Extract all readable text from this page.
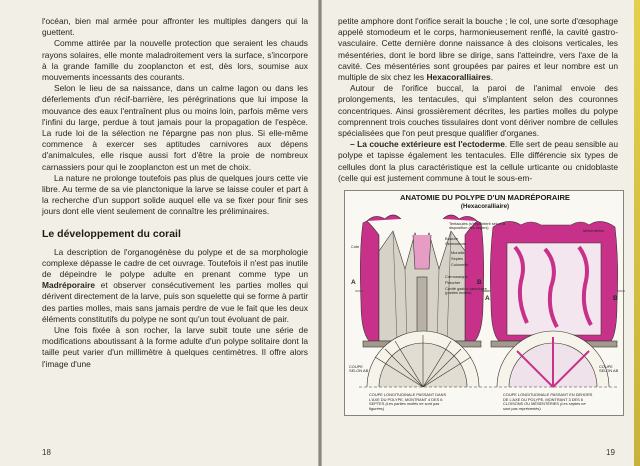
l'océan, bien mal armée pour affronter les multiples dangers qui la guettent.

Comme attirée par la nouvelle protection que seraient les chauds rayons solaires, elle monte maladroitement vers la surface, s'incorpore à la grande famille du zooplancton et est, dès lors, soumise aux mouvements incessants des courants.

Selon le lieu de sa naissance, dans un calme lagon ou dans les déferlements d'un récif-barrière, les pérégrinations que lui impose la mouvance des eaux l'entraînent plus ou moins loin, parfois même vers l'infini du large, perdue à tout jamais pour la propagation de l'espèce. La rude loi de la sélection ne l'épargne pas non plus. Si elle-même commence à exercer ses aptitudes carnivores aux dépens d'animalcules, elle risque aussi fort d'être la proie de nombreux carnassiers pour qui le zooplancton est un met de choix.

La nature ne prolonge toutefois pas plus de quelques jours cette vie libre. Au terme de sa vie planctonique la larve se laisse couler et part à la recherche d'un support solide auquel elle va se fixer pour finir ses jours dont elle vient seulement de connaître les préliminaires.

Le développement du corail

La description de l'organogénèse du polype et de sa morphologie complexe dépasse le cadre de cet ouvrage. Toutefois il n'est pas inutile de dépeindre le polype adulte en prenant comme type un Madréporaire et observer consécutivement les parties molles qui dérivent directement de la larve, puis son squelette qui se forme à partir des parties molles, mais sans jamais perdre de vue le fait que les deux éléments constitutifs du polype ne sont qu'un tout évoluant de pair.

Une fois fixée à son rocher, la larve subit toute une série de modifications aboutissant à la forme adulte d'un polype solitaire dont la taille peut varier d'un millimètre à quelques centimètres. Il offre alors l'image d'une

18

petite amphore dont l'orifice serait la bouche ; le col, une sorte d'œsophage appelé stomodeum et le corps, harmonieusement renflé, la cavité gastro-vasculaire. Cette dernière donne naissance à des cloisons verticales, les mésentéries, dont le bord libre se dirige, sans l'atteindre, vers l'axe de la cavité. Ces mésentéries sont groupées par paires et leur nombre est un multiple de six chez les Hexacoralliaires.

Autour de l'orifice buccal, la paroi de l'animal envoie des prolongements, les tentacules, qui s'implantent selon des couronnes concentriques. Ainsi grossièrement décrites, les parties molles du polype comprennent trois couches tissulaires dont vont dériver nombre de cellules spécialisées que l'on peut presque qualifier d'organes.

– La couche extérieure est l'ectoderme. Elle sert de peau sensible au polype et tapisse également les tentacules. Elle différencie six types de cellules dont la plus caractéristique est la cellule urticante ou cnidoblaste (celle qui est justement commune à tout le sous-em-

ANATOMIE DU POLYPE D'UN MADRÉPORAIRE
(Hexacoralliaire)
Tentacules (s'implantent selon la disposition des septes)
Bouche
Stomodeum
Muraille
Septes
Columelle
Cœnosarque
Plancher
Cavité gastro-vasculaire (parties molles)
Cote
Mésentéries
A	B
A	B
COUPE SELON AB
COUPE SELON AB
COUPE LONGITUDINALE PASSANT DANS L'AXE DU POLYPE, MONTRANT 4 DES 6 SEPTES (Les parties molles ne sont pas figurées)
COUPE LONGITUDINALE PASSANT EN DEHORS DE L'AXE DU POLYPE, MONTRANT 3 DES 6 CLOISONS OU MÉSENTÉRIES (Les septes ne sont pas représentés)
19
